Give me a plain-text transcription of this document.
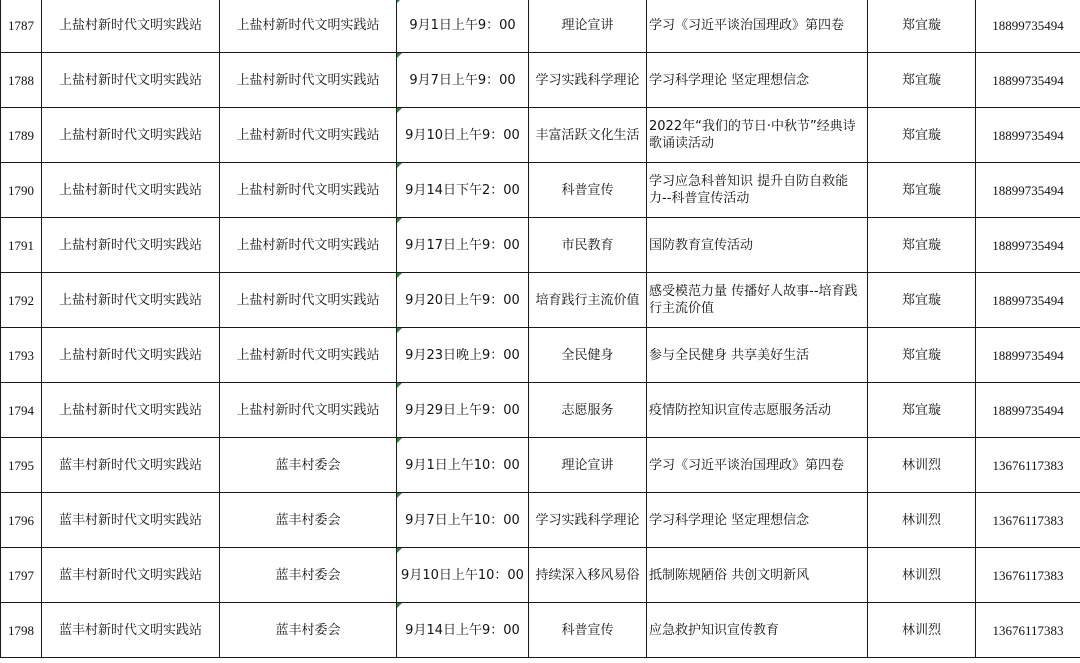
1787	上盐村新时代文明实践站	上盐村新时代文明实践站	9月1日上午9：00	理论宣讲	学习《习近平谈治国理政》第四卷	郑宜璇	18899735494
1788	上盐村新时代文明实践站	上盐村新时代文明实践站	9月7日上午9：00	学习实践科学理论	学习科学理论 坚定理想信念	郑宜璇	18899735494
1789	上盐村新时代文明实践站	上盐村新时代文明实践站	9月10日上午9：00	丰富活跃文化生活	2022年“我们的节日·中秋节”经典诗歌诵读活动	郑宜璇	18899735494
1790	上盐村新时代文明实践站	上盐村新时代文明实践站	9月14日下午2：00	科普宣传	学习应急科普知识 提升自防自救能力--科普宣传活动	郑宜璇	18899735494
1791	上盐村新时代文明实践站	上盐村新时代文明实践站	9月17日上午9：00	市民教育	国防教育宣传活动	郑宜璇	18899735494
1792	上盐村新时代文明实践站	上盐村新时代文明实践站	9月20日上午9：00	培育践行主流价值	感受模范力量 传播好人故事--培育践行主流价值	郑宜璇	18899735494
1793	上盐村新时代文明实践站	上盐村新时代文明实践站	9月23日晚上9：00	全民健身	参与全民健身 共享美好生活	郑宜璇	18899735494
1794	上盐村新时代文明实践站	上盐村新时代文明实践站	9月29日上午9：00	志愿服务	疫情防控知识宣传志愿服务活动	郑宜璇	18899735494
1795	蓝丰村新时代文明实践站	蓝丰村委会	9月1日上午10：00	理论宣讲	学习《习近平谈治国理政》第四卷	林训烈	13676117383
1796	蓝丰村新时代文明实践站	蓝丰村委会	9月7日上午10：00	学习实践科学理论	学习科学理论 坚定理想信念	林训烈	13676117383
1797	蓝丰村新时代文明实践站	蓝丰村委会	9月10日上午10：00	持续深入移风易俗	抵制陈规陋俗 共创文明新风	林训烈	13676117383
1798	蓝丰村新时代文明实践站	蓝丰村委会	9月14日上午9：00	科普宣传	应急救护知识宣传教育	林训烈	13676117383
